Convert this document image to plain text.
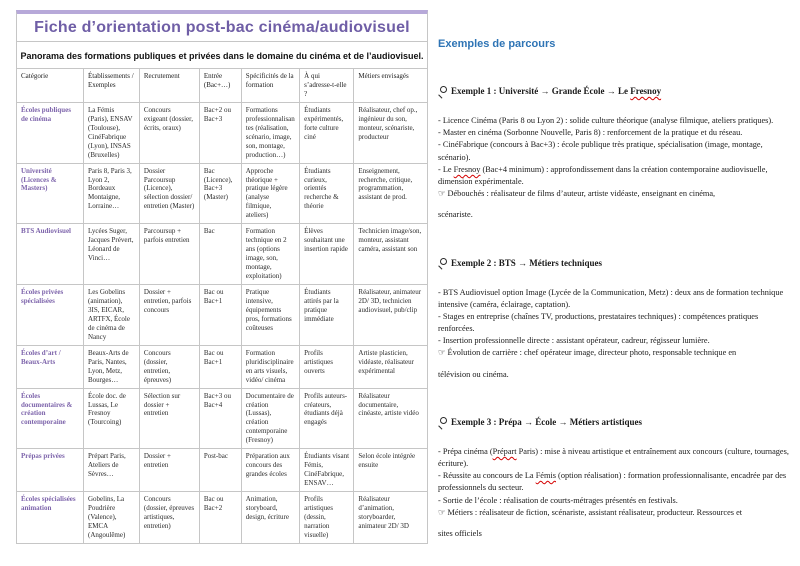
Fiche d’orientation post-bac cinéma/audiovisuel
Panorama des formations publiques et privées dans le domaine du cinéma et de l’audiovisuel.
Catégorie	Établissements / Exemples	Recrutement	Entrée (Bac+…)	Spécificités de la formation	À qui s’adresse-t-elle ?	Métiers envisagés
Écoles publiques de cinéma	La Fémis (Paris), ENSAV (Toulouse), CinéFabrique (Lyon), INSAS (Bruxelles)	Concours exigeant (dossier, écrits, oraux)	Bac+2 ou Bac+3	Formations professionnalisantes (réalisation, scénario, image, son, montage, production…)	Étudiants expérimentés, forte culture ciné	Réalisateur, chef op., ingénieur du son, monteur, scénariste, producteur
Université (Licences & Masters)	Paris 8, Paris 3, Lyon 2, Bordeaux Montaigne, Lorraine…	Dossier Parcoursup (Licence), sélection dossier/ entretien (Master)	Bac (Licence), Bac+3 (Master)	Approche théorique + pratique légère (analyse filmique, ateliers)	Étudiants curieux, orientés recherche & théorie	Enseignement, recherche, critique, programmation, assistant de prod.
BTS Audiovisuel	Lycées Suger, Jacques Prévert, Léonard de Vinci…	Parcoursup + parfois entretien	Bac	Formation technique en 2 ans (options image, son, montage, exploitation)	Élèves souhaitant une insertion rapide	Technicien image/son, monteur, assistant caméra, assistant son
Écoles privées spécialisées	Les Gobelins (animation), 3IS, EICAR, ARTFX, École de cinéma de Nancy	Dossier + entretien, parfois concours	Bac ou Bac+1	Pratique intensive, équipements pros, formations coûteuses	Étudiants attirés par la pratique immédiate	Réalisateur, animateur 2D/ 3D, technicien audiovisuel, pub/clip
Écoles d’art / Beaux-Arts	Beaux-Arts de Paris, Nantes, Lyon, Metz, Bourges…	Concours (dossier, entretien, épreuves)	Bac ou Bac+1	Formation pluridisciplinaire en arts visuels, vidéo/ cinéma	Profils artistiques ouverts	Artiste plasticien, vidéaste, réalisateur expérimental
Écoles documentaires & création contemporaine	École doc. de Lussas, Le Fresnoy (Tourcoing)	Sélection sur dossier + entretien	Bac+3 ou Bac+4	Documentaire de création (Lussas), création contemporaine (Fresnoy)	Profils auteurs-créateurs, étudiants déjà engagés	Réalisateur documentaire, cinéaste, artiste vidéo
Prépas privées	Prépart Paris, Ateliers de Sèvres…	Dossier + entretien	Post-bac	Préparation aux concours des grandes écoles	Étudiants visant Fémis, CinéFabrique, ENSAV…	Selon école intégrée ensuite
Écoles spécialisées animation	Gobelins, La Poudrière (Valence), EMCA (Angoulême)	Concours (dossier, épreuves artistiques, entretien)	Bac ou Bac+2	Animation, storyboard, design, écriture	Profils artistiques (dessin, narration visuelle)	Réalisateur d’animation, storyboarder, animateur 2D/ 3D
Exemples de parcours
Exemple 1 : Université → Grande École → Le Fresnoy
- Licence Cinéma (Paris 8 ou Lyon 2) : solide culture théorique (analyse filmique, ateliers pratiques).
- Master en cinéma (Sorbonne Nouvelle, Paris 8) : renforcement de la pratique et du réseau.
- CinéFabrique (concours à Bac+3) : école publique très pratique, spécialisation (image, montage, scénario).
- Le Fresnoy (Bac+4 minimum) : approfondissement dans la création contemporaine audiovisuelle, dimension expérimentale.
☞ Débouchés : réalisateur de films d’auteur, artiste vidéaste, enseignant en cinéma,
scénariste.
Exemple 2 : BTS → Métiers techniques
- BTS Audiovisuel option Image (Lycée de la Communication, Metz) : deux ans de formation technique intensive (caméra, éclairage, captation).
- Stages en entreprise (chaînes TV, productions, prestataires techniques) : compétences pratiques renforcées.
- Insertion professionnelle directe : assistant opérateur, cadreur, régisseur lumière.
☞ Évolution de carrière : chef opérateur image, directeur photo, responsable technique en
télévision ou cinéma.
Exemple 3 : Prépa → École → Métiers artistiques
- Prépa cinéma (Prépart Paris) : mise à niveau artistique et entraînement aux concours (culture, tournages, écriture).
- Réussite au concours de La Fémis (option réalisation) : formation professionnalisante, encadrée par des professionnels du secteur.
- Sortie de l’école : réalisation de courts-métrages présentés en festivals.
☞ Métiers : réalisateur de fiction, scénariste, assistant réalisateur, producteur. Ressources et
sites officiels
